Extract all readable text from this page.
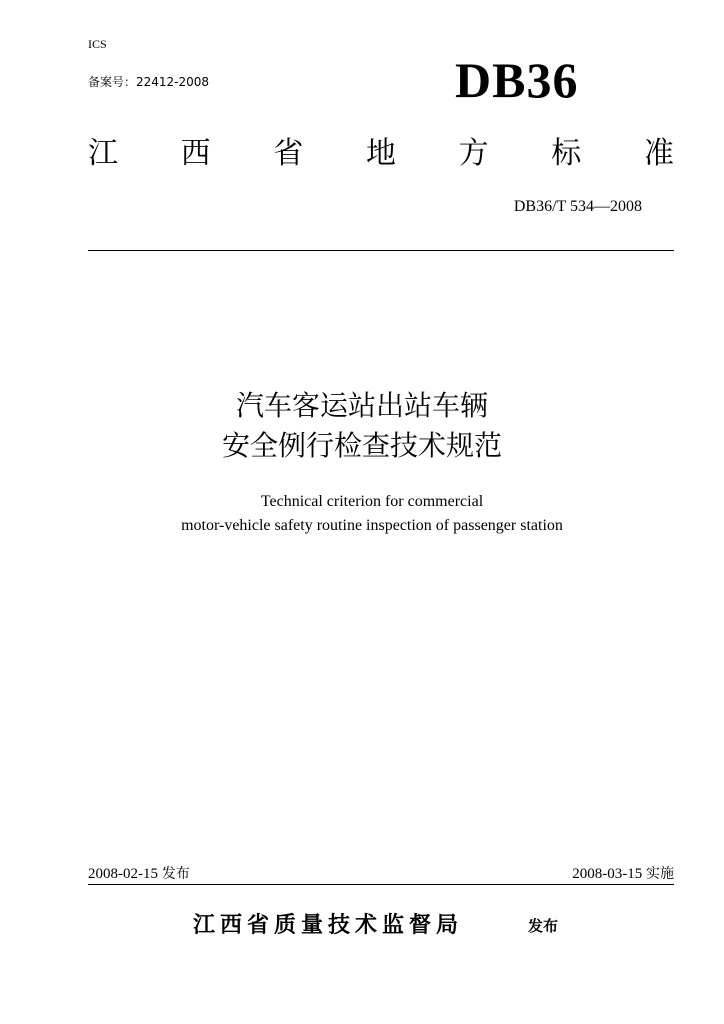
ICS
备案号：22412-2008	DB36
江 西 省 地 方 标 准
DB36/T 534—2008
汽车客运站出站车辆
安全例行检查技术规范
Technical criterion for commercial
motor-vehicle safety routine inspection of passenger station
2008-02-15 发布	2008-03-15 实施
江西省质量技术监督局	发布
